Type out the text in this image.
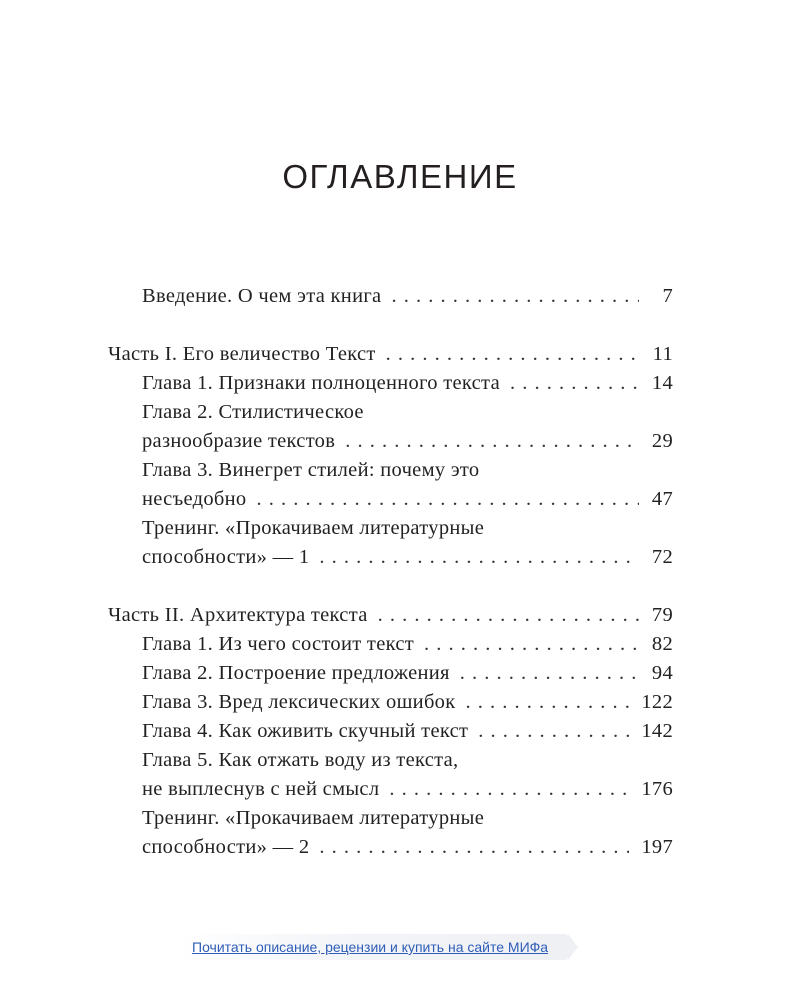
ОГЛАВЛЕНИЕ
Введение. О чем эта книга . . .	7
Часть I. Его величество Текст . . .	11
Глава 1. Признаки полноценного текста . . .	14
Глава 2. Стилистическое
разнообразие текстов . . .	29
Глава 3. Винегрет стилей: почему это
несъедобно . . .	47
Тренинг. «Прокачиваем литературные
способности» — 1 . . .	72
Часть II. Архитектура текста . . .	79
Глава 1. Из чего состоит текст . . .	82
Глава 2. Построение предложения . . .	94
Глава 3. Вред лексических ошибок . . .	122
Глава 4. Как оживить скучный текст . . .	142
Глава 5. Как отжать воду из текста,
не выплеснув с ней смысл . . .	176
Тренинг. «Прокачиваем литературные
способности» — 2 . . .	197
Почитать описание, рецензии и купить на сайте МИФа
